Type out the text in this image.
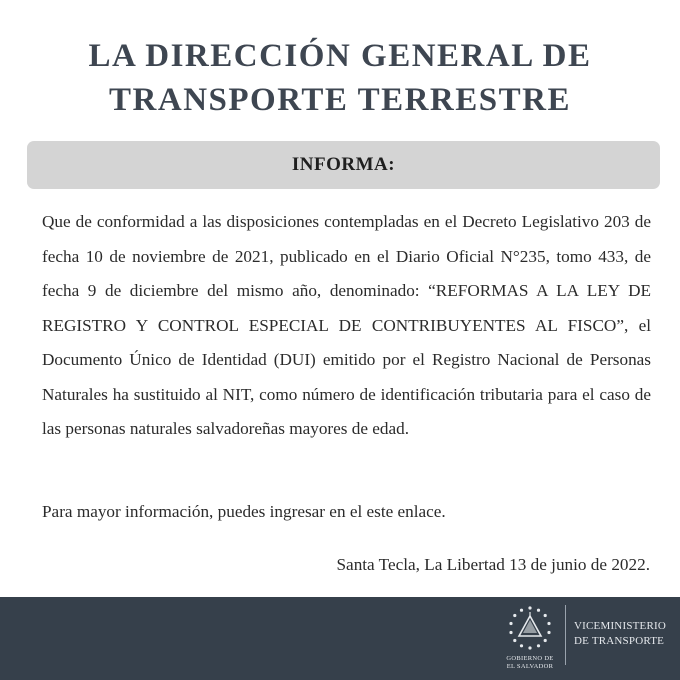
LA DIRECCIÓN GENERAL DE
TRANSPORTE TERRESTRE
INFORMA:

Que de conformidad a las disposiciones contempladas en el Decreto Legislativo 203 de fecha 10 de noviembre de 2021, publicado en el Diario Oficial N°235, tomo 433, de fecha 9 de diciembre del mismo año, denominado: “REFORMAS A LA LEY DE REGISTRO Y CONTROL ESPECIAL DE CONTRIBUYENTES AL FISCO”, el Documento Único de Identidad (DUI) emitido por el Registro Nacional de Personas Naturales ha sustituido al NIT, como número de identificación tributaria para el caso de las personas naturales salvadoreñas mayores de edad.

Para mayor información, puedes ingresar en el este enlace.

Santa Tecla, La Libertad 13 de junio de 2022.

GOBIERNO DE
EL SALVADOR
VICEMINISTERIO
DE TRANSPORTE
